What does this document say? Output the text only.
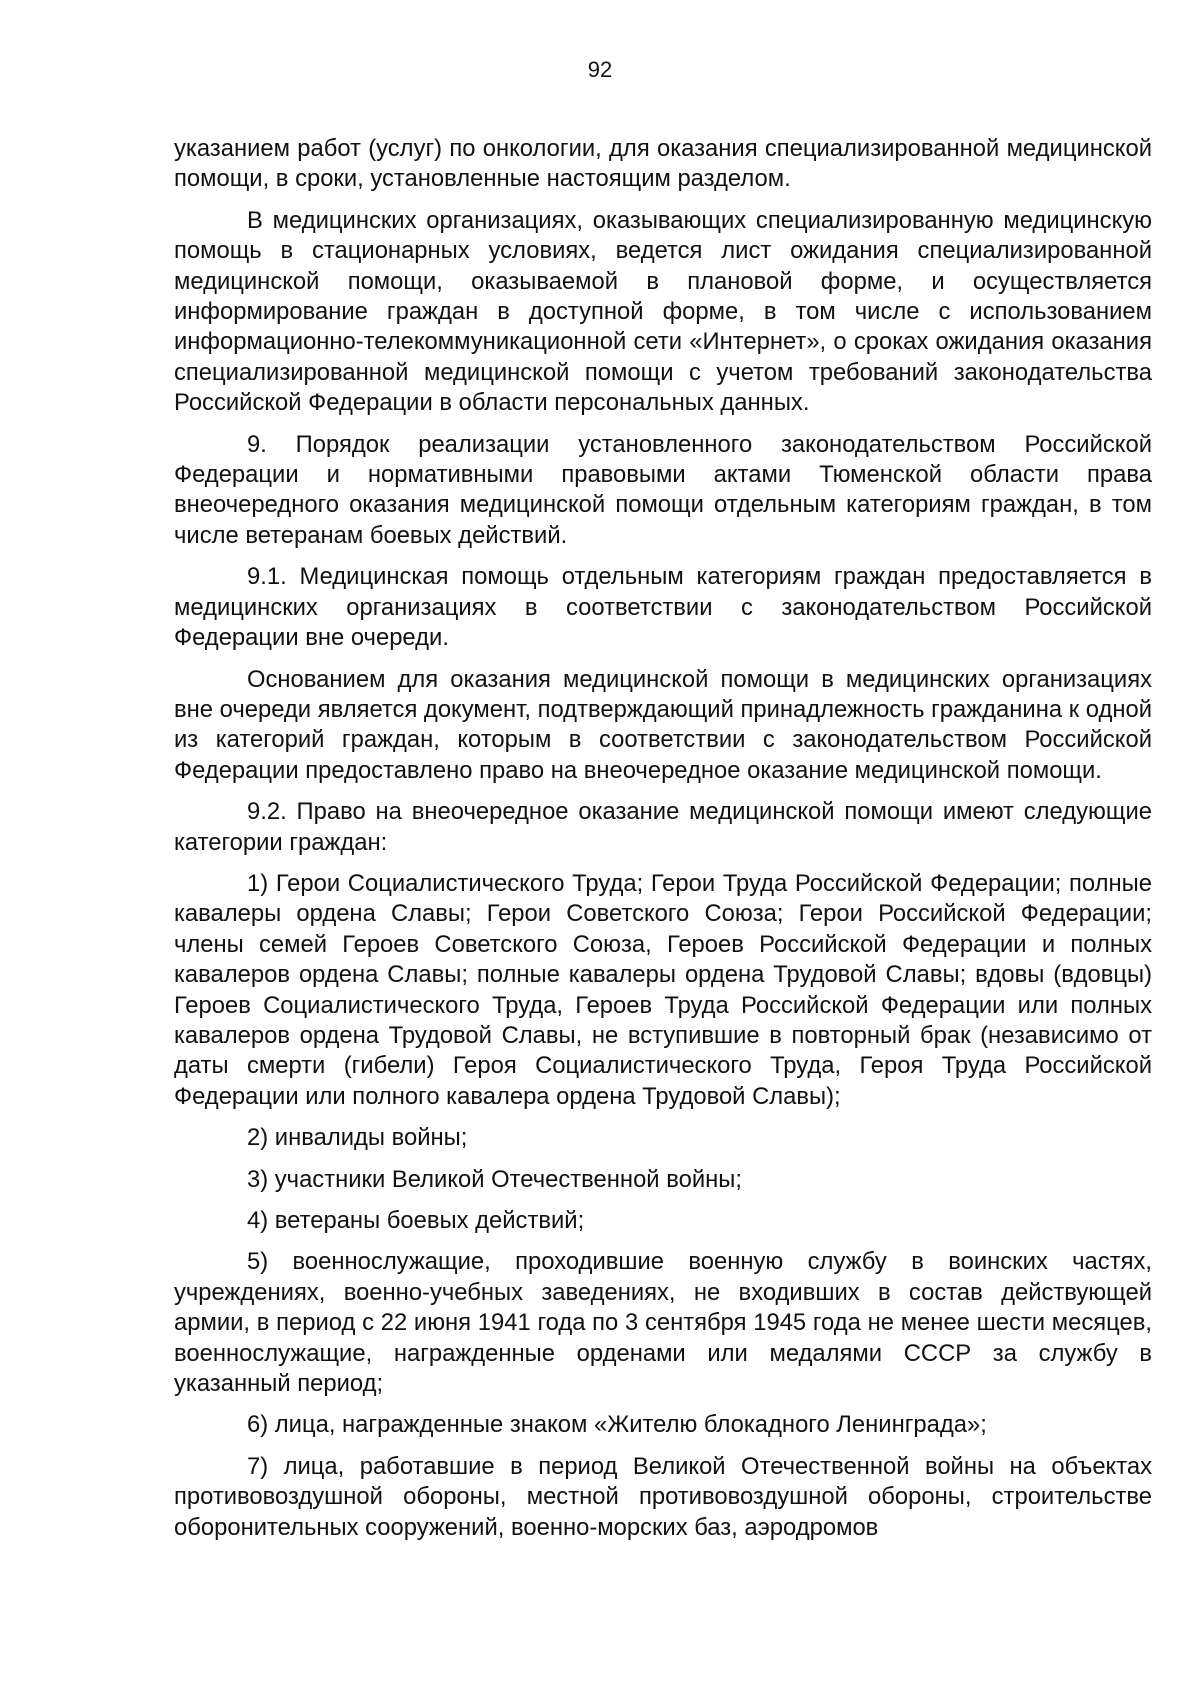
92

указанием работ (услуг) по онкологии, для оказания специализированной медицинской помощи, в сроки, установленные настоящим разделом.

В медицинских организациях, оказывающих специализированную медицинскую помощь в стационарных условиях, ведется лист ожидания специализированной медицинской помощи, оказываемой в плановой форме, и осуществляется информирование граждан в доступной форме, в том числе с использованием информационно-телекоммуникационной сети «Интернет», о сроках ожидания оказания специализированной медицинской помощи с учетом требований законодательства Российской Федерации в области персональных данных.

9. Порядок реализации установленного законодательством Российской Федерации и нормативными правовыми актами Тюменской области права внеочередного оказания медицинской помощи отдельным категориям граждан, в том числе ветеранам боевых действий.

9.1. Медицинская помощь отдельным категориям граждан предоставляется в медицинских организациях в соответствии с законодательством Российской Федерации вне очереди.

Основанием для оказания медицинской помощи в медицинских организациях вне очереди является документ, подтверждающий принадлежность гражданина к одной из категорий граждан, которым в соответствии с законодательством Российской Федерации предоставлено право на внеочередное оказание медицинской помощи.

9.2. Право на внеочередное оказание медицинской помощи имеют следующие категории граждан:

1) Герои Социалистического Труда; Герои Труда Российской Федерации; полные кавалеры ордена Славы; Герои Советского Союза; Герои Российской Федерации; члены семей Героев Советского Союза, Героев Российской Федерации и полных кавалеров ордена Славы; полные кавалеры ордена Трудовой Славы; вдовы (вдовцы) Героев Социалистического Труда, Героев Труда Российской Федерации или полных кавалеров ордена Трудовой Славы, не вступившие в повторный брак (независимо от даты смерти (гибели) Героя Социалистического Труда, Героя Труда Российской Федерации или полного кавалера ордена Трудовой Славы);

2) инвалиды войны;

3) участники Великой Отечественной войны;

4) ветераны боевых действий;

5) военнослужащие, проходившие военную службу в воинских частях, учреждениях, военно-учебных заведениях, не входивших в состав действующей армии, в период с 22 июня 1941 года по 3 сентября 1945 года не менее шести месяцев, военнослужащие, награжденные орденами или медалями СССР за службу в указанный период;

6) лица, награжденные знаком «Жителю блокадного Ленинграда»;

7) лица, работавшие в период Великой Отечественной войны на объектах противовоздушной обороны, местной противовоздушной обороны, строительстве оборонительных сооружений, военно-морских баз, аэродромов
